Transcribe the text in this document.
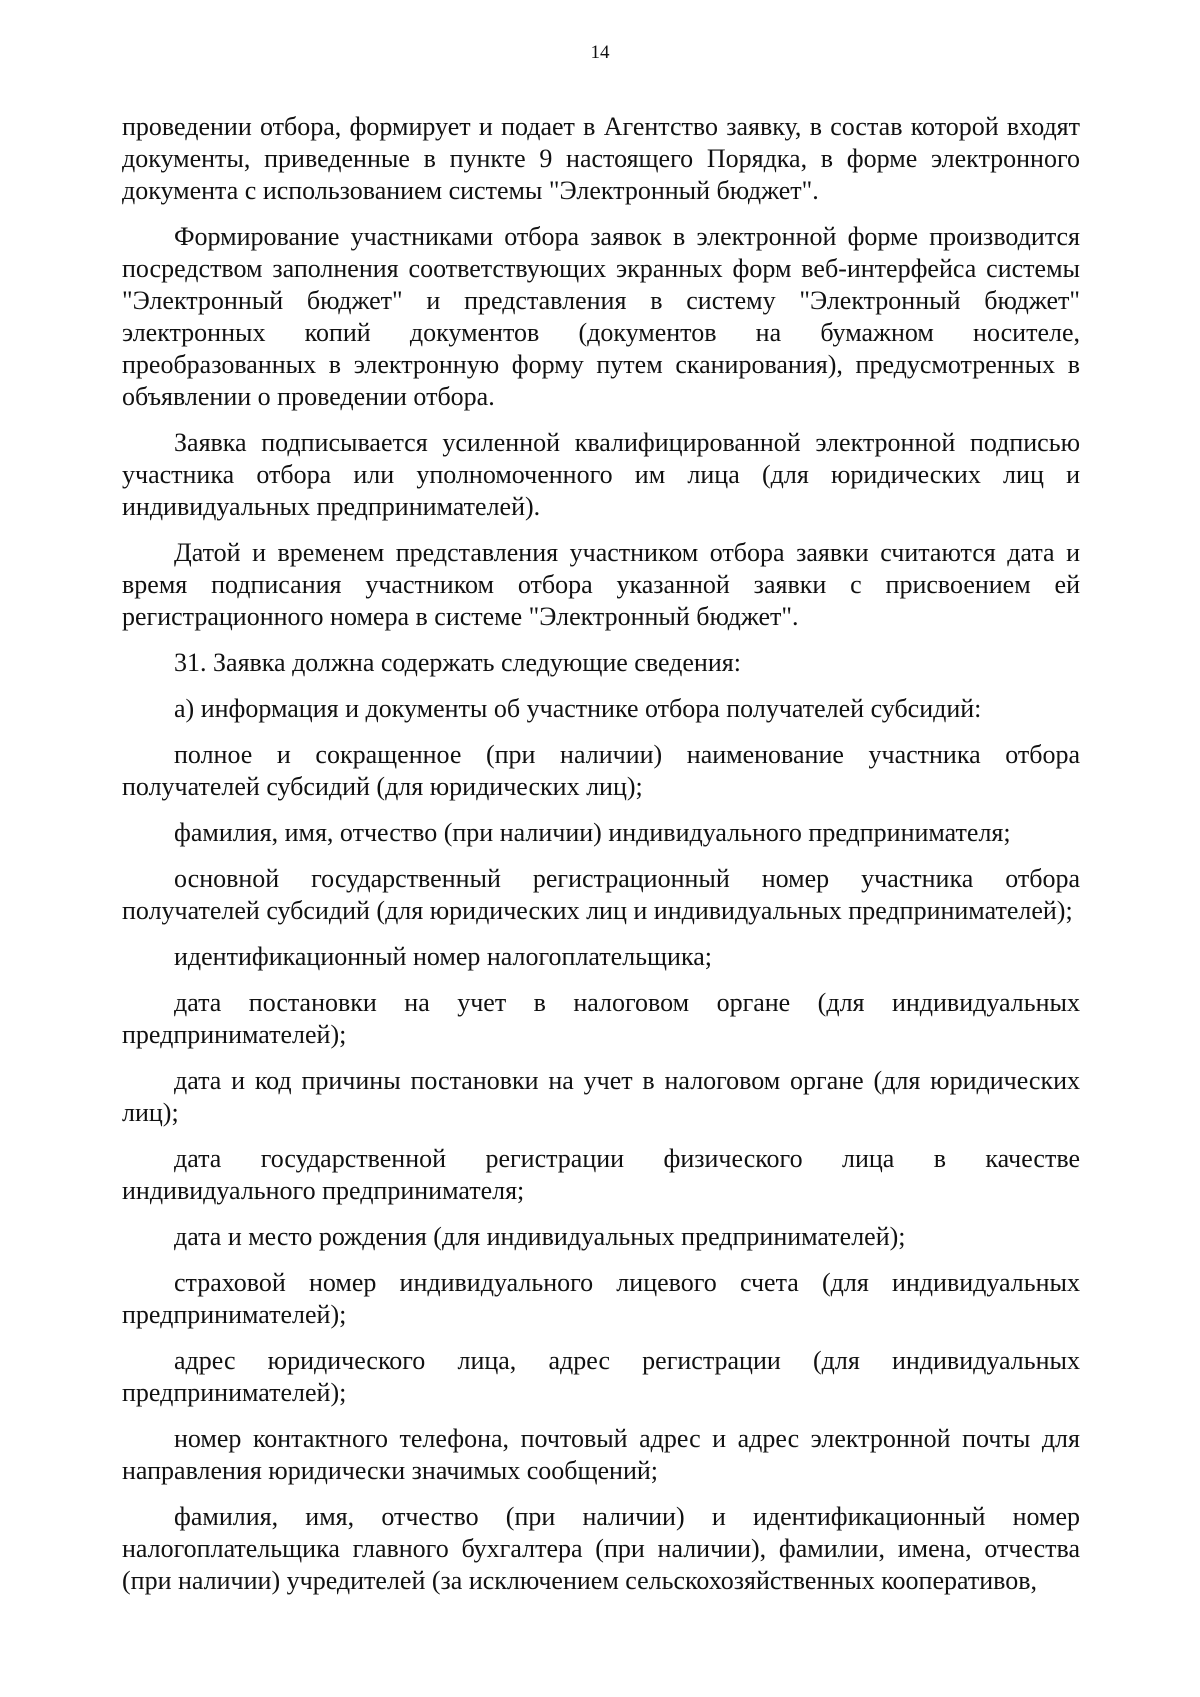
14

проведении отбора, формирует и подает в Агентство заявку, в состав которой входят документы, приведенные в пункте 9 настоящего Порядка, в форме электронного документа с использованием системы "Электронный бюджет".

Формирование участниками отбора заявок в электронной форме производится посредством заполнения соответствующих экранных форм веб-интерфейса системы "Электронный бюджет" и представления в систему "Электронный бюджет" электронных копий документов (документов на бумажном носителе, преобразованных в электронную форму путем сканирования), предусмотренных в объявлении о проведении отбора.

Заявка подписывается усиленной квалифицированной электронной подписью участника отбора или уполномоченного им лица (для юридических лиц и индивидуальных предпринимателей).

Датой и временем представления участником отбора заявки считаются дата и время подписания участником отбора указанной заявки с присвоением ей регистрационного номера в системе "Электронный бюджет".

31. Заявка должна содержать следующие сведения:

а) информация и документы об участнике отбора получателей субсидий:

полное и сокращенное (при наличии) наименование участника отбора получателей субсидий (для юридических лиц);

фамилия, имя, отчество (при наличии) индивидуального предпринимателя;

основной государственный регистрационный номер участника отбора получателей субсидий (для юридических лиц и индивидуальных предпринимателей);

идентификационный номер налогоплательщика;

дата постановки на учет в налоговом органе (для индивидуальных предпринимателей);

дата и код причины постановки на учет в налоговом органе (для юридических лиц);

дата государственной регистрации физического лица в качестве индивидуального предпринимателя;

дата и место рождения (для индивидуальных предпринимателей);

страховой номер индивидуального лицевого счета (для индивидуальных предпринимателей);

адрес юридического лица, адрес регистрации (для индивидуальных предпринимателей);

номер контактного телефона, почтовый адрес и адрес электронной почты для направления юридически значимых сообщений;

фамилия, имя, отчество (при наличии) и идентификационный номер налогоплательщика главного бухгалтера (при наличии), фамилии, имена, отчества (при наличии) учредителей (за исключением сельскохозяйственных кооперативов,
